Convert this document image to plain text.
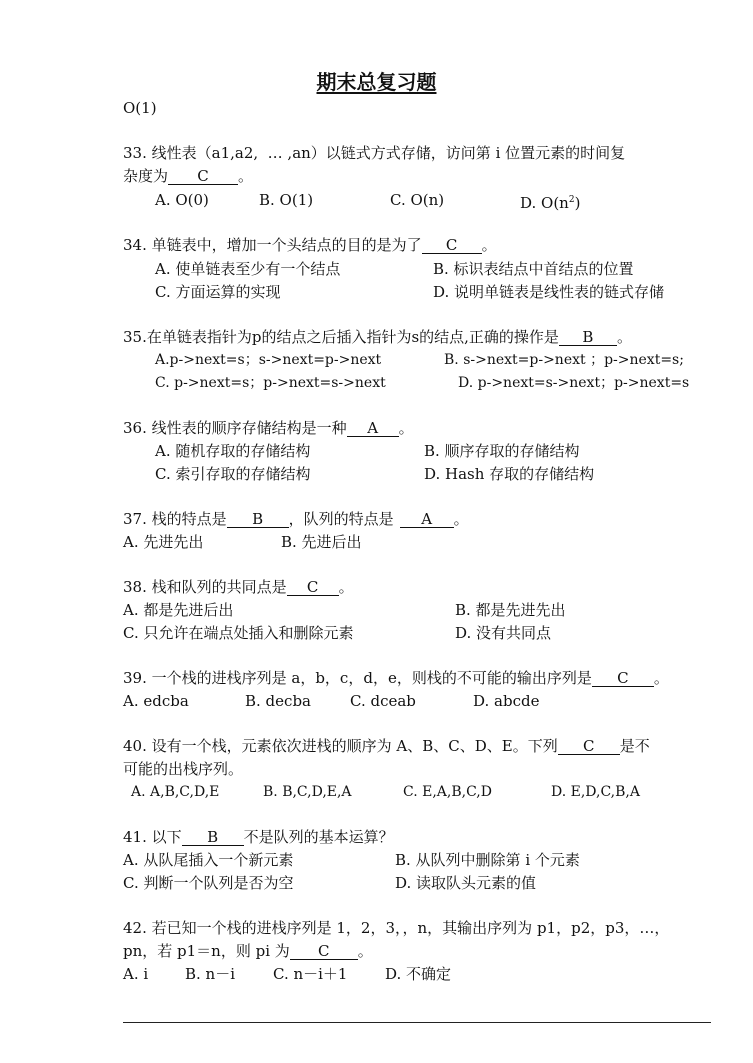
期末总复习题
O(1)
33. 线性表（a1,a2,  … ,an）以链式方式存储，访问第 i 位置元素的时间复
杂度为 C 。
A. O(0)	B. O(1)	C. O(n)	D. $O(n^2)$
34. 单链表中，增加一个头结点的目的是为了 C 。
A. 使单链表至少有一个结点	B. 标识表结点中首结点的位置
C. 方面运算的实现	D. 说明单链表是线性表的链式存储
35.在单链表指针为p的结点之后插入指针为s的结点,正确的操作是 B 。
A.p->next=s；s->next=p->next	B. s->next=p->next ；p->next=s;
C. p->next=s；p->next=s->next	D. p->next=s->next；p->next=s
36. 线性表的顺序存储结构是一种 A 。
A. 随机存取的存储结构	B. 顺序存取的存储结构
C. 索引存取的存储结构	D. Hash 存取的存储结构
37. 栈的特点是 B ，队列的特点是 A 。
A. 先进先出	B. 先进后出
38. 栈和队列的共同点是 C 。
A. 都是先进后出	B. 都是先进先出
C. 只允许在端点处插入和删除元素	D. 没有共同点
39. 一个栈的进栈序列是 a，b，c，d，e，则栈的不可能的输出序列是 C 。
A. edcba	B. decba	C. dceab	D. abcde
40. 设有一个栈，元素依次进栈的顺序为 A、B、C、D、E。下列 C 是不
可能的出栈序列。
A. A,B,C,D,E	B. B,C,D,E,A	C. E,A,B,C,D	D. E,D,C,B,A
41. 以下 B 不是队列的基本运算？
A. 从队尾插入一个新元素	B. 从队列中删除第 i 个元素
C. 判断一个队列是否为空	D. 读取队头元素的值
42. 若已知一个栈的进栈序列是 1，2，3，，n，其输出序列为 p1，p2，p3，…，
pn，若 p1＝n，则 pi 为 C 。
A. i B. n－i	C. n－i＋1	D. 不确定
